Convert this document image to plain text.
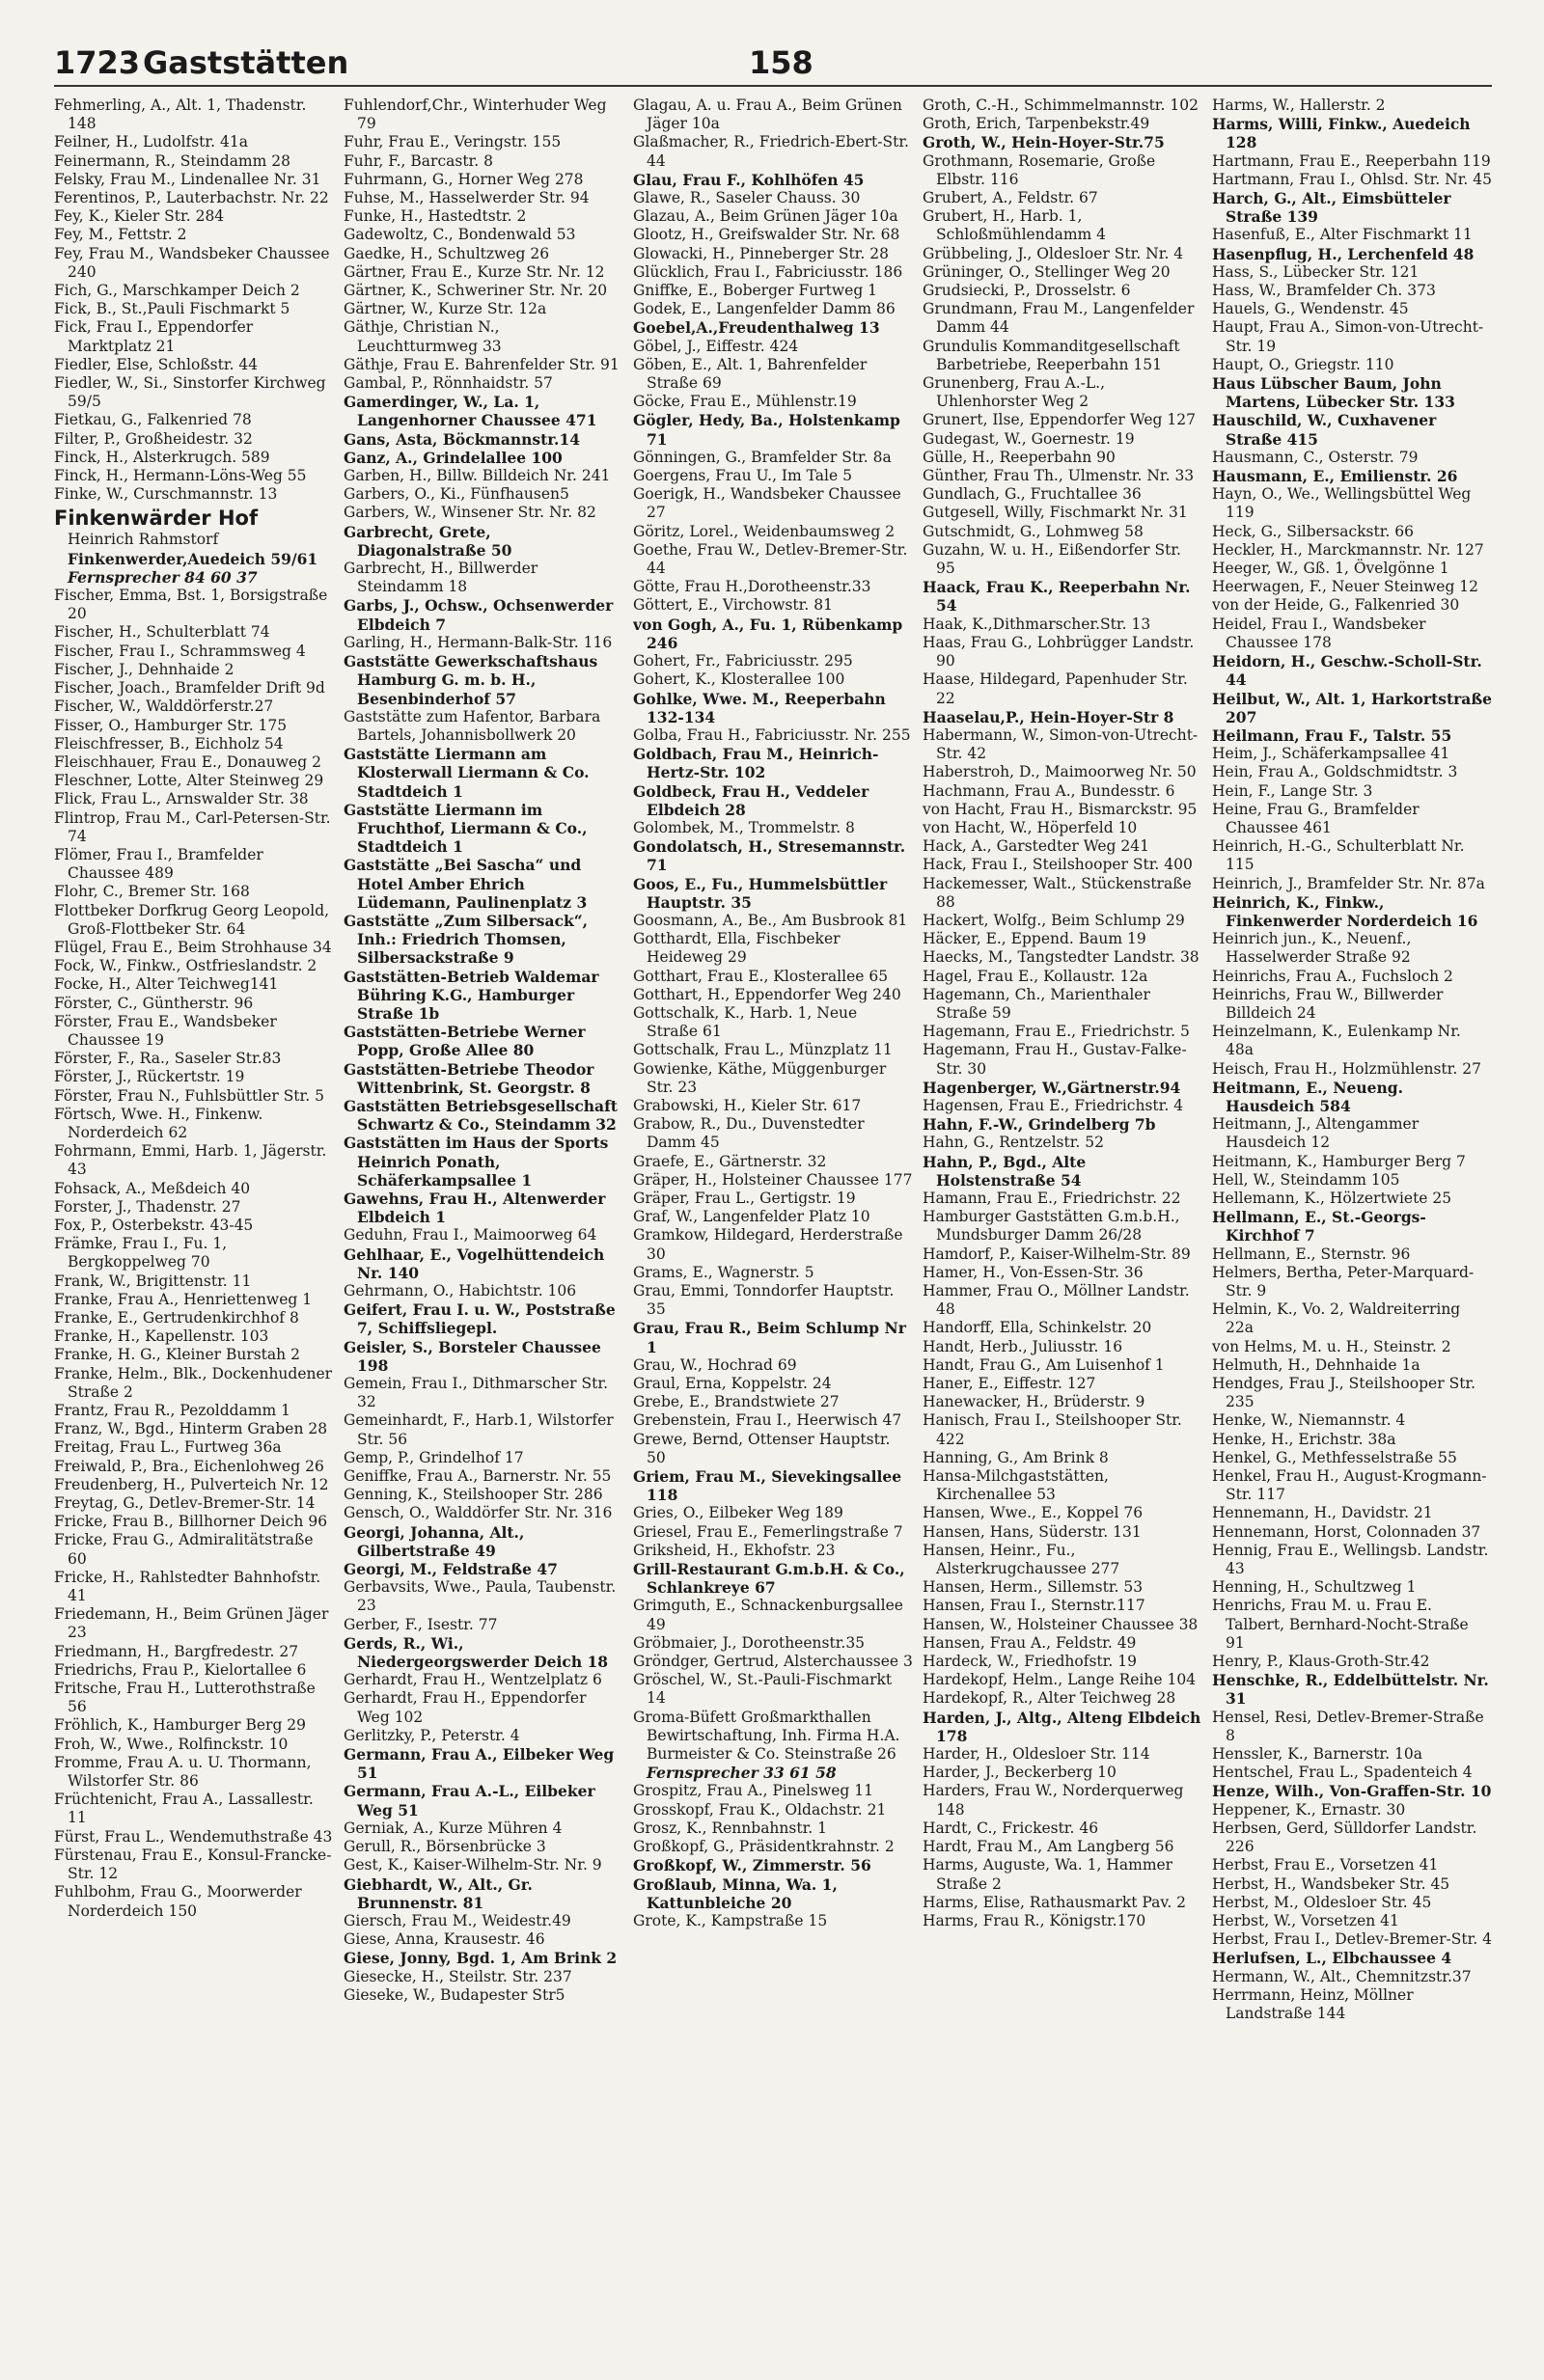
1723 Gaststätten	158

Fehmerling, A., Alt. 1, Thadenstr. 148

Feilner, H., Ludolfstr. 41a

Feinermann, R., Steindamm 28

Felsky, Frau M., Lindenallee Nr. 31

Ferentinos, P., Lauterbachstr. Nr. 22

Fey, K., Kieler Str. 284

Fey, M., Fettstr. 2

Fey, Frau M., Wandsbeker Chaussee 240

Fich, G., Marschkamper Deich 2

Fick, B., St.,Pauli Fischmarkt 5

Fick, Frau I., Eppendorfer Marktplatz 21

Fiedler, Else, Schloßstr. 44

Fiedler, W., Si., Sinstorfer Kirchweg 59/5

Fietkau, G., Falkenried 78

Filter, P., Großheidestr. 32

Finck, H., Alsterkrugch. 589

Finck, H., Hermann-Löns-Weg 55

Finke, W., Curschmannstr. 13

Finkenwärder Hof

Heinrich Rahmstorf

Finkenwerder,Auedeich 59/61

Fernsprecher 84 60 37

Fischer, Emma, Bst. 1, Borsigstraße 20

Fischer, H., Schulterblatt 74

Fischer, Frau I., Schrammsweg 4

Fischer, J., Dehnhaide 2

Fischer, Joach., Bramfelder Drift 9d

Fischer, W., Walddörferstr.27

Fisser, O., Hamburger Str. 175

Fleischfresser, B., Eichholz 54

Fleischhauer, Frau E., Donauweg 2

Fleschner, Lotte, Alter Steinweg 29

Flick, Frau L., Arnswalder Str. 38

Flintrop, Frau M., Carl-Petersen-Str. 74

Flömer, Frau I., Bramfelder Chaussee 489

Flohr, C., Bremer Str. 168

Flottbeker Dorfkrug Georg Leopold, Groß-Flottbeker Str. 64

Flügel, Frau E., Beim Strohhause 34

Fock, W., Finkw., Ostfrieslandstr. 2

Focke, H., Alter Teichweg141

Förster, C., Güntherstr. 96

Förster, Frau E., Wandsbeker Chaussee 19

Förster, F., Ra., Saseler Str.83

Förster, J., Rückertstr. 19

Förster, Frau N., Fuhlsbüttler Str. 5

Förtsch, Wwe. H., Finkenw. Norderdeich 62

Fohrmann, Emmi, Harb. 1, Jägerstr. 43

Fohsack, A., Meßdeich 40

Forster, J., Thadenstr. 27

Fox, P., Osterbekstr. 43-45

Främke, Frau I., Fu. 1, Bergkoppelweg 70

Frank, W., Brigittenstr. 11

Franke, Frau A., Henriettenweg 1

Franke, E., Gertrudenkirchhof 8

Franke, H., Kapellenstr. 103

Franke, H. G., Kleiner Burstah 2

Franke, Helm., Blk., Dockenhudener Straße 2

Frantz, Frau R., Pezolddamm 1

Franz, W., Bgd., Hinterm Graben 28

Freitag, Frau L., Furtweg 36a

Freiwald, P., Bra., Eichenlohweg 26

Freudenberg, H., Pulverteich Nr. 12

Freytag, G., Detlev-Bremer-Str. 14

Fricke, Frau B., Billhorner Deich 96

Fricke, Frau G., Admiralitätstraße 60

Fricke, H., Rahlstedter Bahnhofstr. 41

Friedemann, H., Beim Grünen Jäger 23

Friedmann, H., Bargfredestr. 27

Friedrichs, Frau P., Kielortallee 6

Fritsche, Frau H., Lutterothstraße 56

Fröhlich, K., Hamburger Berg 29

Froh, W., Wwe., Rolfinckstr. 10

Fromme, Frau A. u. U. Thormann, Wilstorfer Str. 86

Früchtenicht, Frau A., Lassallestr. 11

Fürst, Frau L., Wendemuthstraße 43

Fürstenau, Frau E., Konsul-Francke-Str. 12

Fuhlbohm, Frau G., Moorwerder Norderdeich 150

Fuhlendorf,Chr., Winterhuder Weg 79

Fuhr, Frau E., Veringstr. 155

Fuhr, F., Barcastr. 8

Fuhrmann, G., Horner Weg 278

Fuhse, M., Hasselwerder Str. 94

Funke, H., Hastedtstr. 2

Gadewoltz, C., Bondenwald 53

Gaedke, H., Schultzweg 26

Gärtner, Frau E., Kurze Str. Nr. 12

Gärtner, K., Schweriner Str. Nr. 20

Gärtner, W., Kurze Str. 12a

Gäthje, Christian N., Leuchtturmweg 33

Gäthje, Frau E. Bahrenfelder Str. 91

Gambal, P., Rönnhaidstr. 57

Gamerdinger, W., La. 1, Langenhorner Chaussee 471

Gans, Asta, Böckmannstr.14

Ganz, A., Grindelallee 100

Garben, H., Billw. Billdeich Nr. 241

Garbers, O., Ki., Fünfhausen5

Garbers, W., Winsener Str. Nr. 82

Garbrecht, Grete, Diagonalstraße 50

Garbrecht, H., Billwerder Steindamm 18

Garbs, J., Ochsw., Ochsenwerder Elbdeich 7

Garling, H., Hermann-Balk-Str. 116

Gaststätte Gewerkschaftshaus Hamburg G. m. b. H., Besenbinderhof 57

Gaststätte zum Hafentor, Barbara Bartels, Johannisbollwerk 20

Gaststätte Liermann am Klosterwall Liermann & Co. Stadtdeich 1

Gaststätte Liermann im Fruchthof, Liermann & Co., Stadtdeich 1

Gaststätte „Bei Sascha“ und Hotel Amber Ehrich Lüdemann, Paulinenplatz 3

Gaststätte „Zum Silbersack“, Inh.: Friedrich Thomsen, Silbersackstraße 9

Gaststätten-Betrieb Waldemar Bühring K.G., Hamburger Straße 1b

Gaststätten-Betriebe Werner Popp, Große Allee 80

Gaststätten-Betriebe Theodor Wittenbrink, St. Georgstr. 8

Gaststätten Betriebsgesellschaft Schwartz & Co., Steindamm 32

Gaststätten im Haus der Sports Heinrich Ponath, Schäferkampsallee 1

Gawehns, Frau H., Altenwerder Elbdeich 1

Geduhn, Frau I., Maimoorweg 64

Gehlhaar, E., Vogelhüttendeich Nr. 140

Gehrmann, O., Habichtstr. 106

Geifert, Frau I. u. W., Poststraße 7, Schiffsliegepl.

Geisler, S., Borsteler Chaussee 198

Gemein, Frau I., Dithmarscher Str. 32

Gemeinhardt, F., Harb.1, Wilstorfer Str. 56

Gemp, P., Grindelhof 17

Geniffke, Frau A., Barnerstr. Nr. 55

Genning, K., Steilshooper Str. 286

Gensch, O., Walddörfer Str. Nr. 316

Georgi, Johanna, Alt., Gilbertstraße 49

Georgi, M., Feldstraße 47

Gerbavsits, Wwe., Paula, Taubenstr. 23

Gerber, F., Isestr. 77

Gerds, R., Wi., Niedergeorgswerder Deich 18

Gerhardt, Frau H., Wentzelplatz 6

Gerhardt, Frau H., Eppendorfer Weg 102

Gerlitzky, P., Peterstr. 4

Germann, Frau A., Eilbeker Weg 51

Germann, Frau A.-L., Eilbeker Weg 51

Gerniak, A., Kurze Mühren 4

Gerull, R., Börsenbrücke 3

Gest, K., Kaiser-Wilhelm-Str. Nr. 9

Giebhardt, W., Alt., Gr. Brunnenstr. 81

Giersch, Frau M., Weidestr.49

Giese, Anna, Krausestr. 46

Giese, Jonny, Bgd. 1, Am Brink 2

Giesecke, H., Steilstr. Str. 237

Gieseke, W., Budapester Str5

Glagau, A. u. Frau A., Beim Grünen Jäger 10a

Glaßmacher, R., Friedrich-Ebert-Str. 44

Glau, Frau F., Kohlhöfen 45

Glawe, R., Saseler Chauss. 30

Glazau, A., Beim Grünen Jäger 10a

Glootz, H., Greifswalder Str. Nr. 68

Glowacki, H., Pinneberger Str. 28

Glücklich, Frau I., Fabriciusstr. 186

Gniffke, E., Boberger Furtweg 1

Godek, E., Langenfelder Damm 86

Goebel,A.,Freudenthalweg 13

Göbel, J., Eiffestr. 424

Göben, E., Alt. 1, Bahrenfelder Straße 69

Göcke, Frau E., Mühlenstr.19

Gögler, Hedy, Ba., Holstenkamp 71

Gönningen, G., Bramfelder Str. 8a

Goergens, Frau U., Im Tale 5

Goerigk, H., Wandsbeker Chaussee 27

Göritz, Lorel., Weidenbaumsweg 2

Goethe, Frau W., Detlev-Bremer-Str. 44

Götte, Frau H.,Dorotheenstr.33

Göttert, E., Virchowstr. 81

von Gogh, A., Fu. 1, Rübenkamp 246

Gohert, Fr., Fabriciusstr. 295

Gohert, K., Klosterallee 100

Gohlke, Wwe. M., Reeperbahn 132-134

Golba, Frau H., Fabriciusstr. Nr. 255

Goldbach, Frau M., Heinrich-Hertz-Str. 102

Goldbeck, Frau H., Veddeler Elbdeich 28

Golombek, M., Trommelstr. 8

Gondolatsch, H., Stresemannstr. 71

Goos, E., Fu., Hummelsbüttler Hauptstr. 35

Goosmann, A., Be., Am Busbrook 81

Gotthardt, Ella, Fischbeker Heideweg 29

Gotthart, Frau E., Klosterallee 65

Gotthart, H., Eppendorfer Weg 240

Gottschalk, K., Harb. 1, Neue Straße 61

Gottschalk, Frau L., Münzplatz 11

Gowienke, Käthe, Müggenburger Str. 23

Grabowski, H., Kieler Str. 617

Grabow, R., Du., Duvenstedter Damm 45

Graefe, E., Gärtnerstr. 32

Gräper, H., Holsteiner Chaussee 177

Gräper, Frau L., Gertigstr. 19

Graf, W., Langenfelder Platz 10

Gramkow, Hildegard, Herderstraße 30

Grams, E., Wagnerstr. 5

Grau, Emmi, Tonndorfer Hauptstr. 35

Grau, Frau R., Beim Schlump Nr 1

Grau, W., Hochrad 69

Graul, Erna, Koppelstr. 24

Grebe, E., Brandstwiete 27

Grebenstein, Frau I., Heerwisch 47

Grewe, Bernd, Ottenser Hauptstr. 50

Griem, Frau M., Sievekingsallee 118

Gries, O., Eilbeker Weg 189

Griesel, Frau E., Femerlingstraße 7

Griksheid, H., Ekhofstr. 23

Grill-Restaurant G.m.b.H. & Co., Schlankreye 67

Grimguth, E., Schnackenburgsallee 49

Gröbmaier, J., Dorotheenstr.35

Gröndger, Gertrud, Alsterchaussee 3

Gröschel, W., St.-Pauli-Fischmarkt 14

Groma-Büfett Großmarkthallen Bewirtschaftung, Inh. Firma H.A. Burmeister & Co. Steinstraße 26

Fernsprecher 33 61 58

Grospitz, Frau A., Pinelsweg 11

Grosskopf, Frau K., Oldachstr. 21

Grosz, K., Rennbahnstr. 1

Großkopf, G., Präsidentkrahnstr. 2

Großkopf, W., Zimmerstr. 56

Großlaub, Minna, Wa. 1, Kattunbleiche 20

Grote, K., Kampstraße 15

Groth, C.-H., Schimmelmannstr. 102

Groth, Erich, Tarpenbekstr.49

Groth, W., Hein-Hoyer-Str.75

Grothmann, Rosemarie, Große Elbstr. 116

Grubert, A., Feldstr. 67

Grubert, H., Harb. 1, Schloßmühlendamm 4

Grübbeling, J., Oldesloer Str. Nr. 4

Grüninger, O., Stellinger Weg 20

Grudsiecki, P., Drosselstr. 6

Grundmann, Frau M., Langenfelder Damm 44

Grundulis Kommanditgesellschaft Barbetriebe, Reeperbahn 151

Grunenberg, Frau A.-L., Uhlenhorster Weg 2

Grunert, Ilse, Eppendorfer Weg 127

Gudegast, W., Goernestr. 19

Gülle, H., Reeperbahn 90

Günther, Frau Th., Ulmenstr. Nr. 33

Gundlach, G., Fruchtallee 36

Gutgesell, Willy, Fischmarkt Nr. 31

Gutschmidt, G., Lohmweg 58

Guzahn, W. u. H., Eißendorfer Str. 95

Haack, Frau K., Reeperbahn Nr. 54

Haak, K.,Dithmarscher.Str. 13

Haas, Frau G., Lohbrügger Landstr. 90

Haase, Hildegard, Papenhuder Str. 22

Haaselau,P., Hein-Hoyer-Str 8

Habermann, W., Simon-von-Utrecht-Str. 42

Haberstroh, D., Maimoorweg Nr. 50

Hachmann, Frau A., Bundesstr. 6

von Hacht, Frau H., Bismarckstr. 95

von Hacht, W., Höperfeld 10

Hack, A., Garstedter Weg 241

Hack, Frau I., Steilshooper Str. 400

Hackemesser, Walt., Stückenstraße 88

Hackert, Wolfg., Beim Schlump 29

Häcker, E., Eppend. Baum 19

Haecks, M., Tangstedter Landstr. 38

Hagel, Frau E., Kollaustr. 12a

Hagemann, Ch., Marienthaler Straße 59

Hagemann, Frau E., Friedrichstr. 5

Hagemann, Frau H., Gustav-Falke-Str. 30

Hagenberger, W.,Gärtnerstr.94

Hagensen, Frau E., Friedrichstr. 4

Hahn, F.-W., Grindelberg 7b

Hahn, G., Rentzelstr. 52

Hahn, P., Bgd., Alte Holstenstraße 54

Hamann, Frau E., Friedrichstr. 22

Hamburger Gaststätten G.m.b.H., Mundsburger Damm 26/28

Hamdorf, P., Kaiser-Wilhelm-Str. 89

Hamer, H., Von-Essen-Str. 36

Hammer, Frau O., Möllner Landstr. 48

Handorff, Ella, Schinkelstr. 20

Handt, Herb., Juliusstr. 16

Handt, Frau G., Am Luisenhof 1

Haner, E., Eiffestr. 127

Hanewacker, H., Brüderstr. 9

Hanisch, Frau I., Steilshooper Str. 422

Hanning, G., Am Brink 8

Hansa-Milchgaststätten, Kirchenallee 53

Hansen, Wwe., E., Koppel 76

Hansen, Hans, Süderstr. 131

Hansen, Heinr., Fu., Alsterkrugchaussee 277

Hansen, Herm., Sillemstr. 53

Hansen, Frau I., Sternstr.117

Hansen, W., Holsteiner Chaussee 38

Hansen, Frau A., Feldstr. 49

Hardeck, W., Friedhofstr. 19

Hardekopf, Helm., Lange Reihe 104

Hardekopf, R., Alter Teichweg 28

Harden, J., Altg., Alteng Elbdeich 178

Harder, H., Oldesloer Str. 114

Harder, J., Beckerberg 10

Harders, Frau W., Norderquerweg 148

Hardt, C., Frickestr. 46

Hardt, Frau M., Am Langberg 56

Harms, Auguste, Wa. 1, Hammer Straße 2

Harms, Elise, Rathausmarkt Pav. 2

Harms, Frau R., Königstr.170

Harms, W., Hallerstr. 2

Harms, Willi, Finkw., Auedeich 128

Hartmann, Frau E., Reeperbahn 119

Hartmann, Frau I., Ohlsd. Str. Nr. 45

Harch, G., Alt., Eimsbütteler Straße 139

Hasenfuß, E., Alter Fischmarkt 11

Hasenpflug, H., Lerchenfeld 48

Hass, S., Lübecker Str. 121

Hass, W., Bramfelder Ch. 373

Hauels, G., Wendenstr. 45

Haupt, Frau A., Simon-von-Utrecht-Str. 19

Haupt, O., Griegstr. 110

Haus Lübscher Baum, John Martens, Lübecker Str. 133

Hauschild, W., Cuxhavener Straße 415

Hausmann, C., Osterstr. 79

Hausmann, E., Emilienstr. 26

Hayn, O., We., Wellingsbüttel Weg 119

Heck, G., Silbersackstr. 66

Heckler, H., Marckmannstr. Nr. 127

Heeger, W., Gß. 1, Övelgönne 1

Heerwagen, F., Neuer Steinweg 12

von der Heide, G., Falkenried 30

Heidel, Frau I., Wandsbeker Chaussee 178

Heidorn, H., Geschw.-Scholl-Str. 44

Heilbut, W., Alt. 1, Harkortstraße 207

Heilmann, Frau F., Talstr. 55

Heim, J., Schäferkampsallee 41

Hein, Frau A., Goldschmidtstr. 3

Hein, F., Lange Str. 3

Heine, Frau G., Bramfelder Chaussee 461

Heinrich, H.-G., Schulterblatt Nr. 115

Heinrich, J., Bramfelder Str. Nr. 87a

Heinrich, K., Finkw., Finkenwerder Norderdeich 16

Heinrich jun., K., Neuenf., Hasselwerder Straße 92

Heinrichs, Frau A., Fuchsloch 2

Heinrichs, Frau W., Billwerder Billdeich 24

Heinzelmann, K., Eulenkamp Nr. 48a

Heisch, Frau H., Holzmühlenstr. 27

Heitmann, E., Neueng. Hausdeich 584

Heitmann, J., Altengammer Hausdeich 12

Heitmann, K., Hamburger Berg 7

Hell, W., Steindamm 105

Hellemann, K., Hölzertwiete 25

Hellmann, E., St.-Georgs-Kirchhof 7

Hellmann, E., Sternstr. 96

Helmers, Bertha, Peter-Marquard-Str. 9

Helmin, K., Vo. 2, Waldreiterring 22a

von Helms, M. u. H., Steinstr. 2

Helmuth, H., Dehnhaide 1a

Hendges, Frau J., Steilshooper Str. 235

Henke, W., Niemannstr. 4

Henke, H., Erichstr. 38a

Henkel, G., Methfesselstraße 55

Henkel, Frau H., August-Krogmann-Str. 117

Hennemann, H., Davidstr. 21

Hennemann, Horst, Colonnaden 37

Hennig, Frau E., Wellingsb. Landstr. 43

Henning, H., Schultzweg 1

Henrichs, Frau M. u. Frau E. Talbert, Bernhard-Nocht-Straße 91

Henry, P., Klaus-Groth-Str.42

Henschke, R., Eddelbüttelstr. Nr. 31

Hensel, Resi, Detlev-Bremer-Straße 8

Henssler, K., Barnerstr. 10a

Hentschel, Frau L., Spadenteich 4

Henze, Wilh., Von-Graffen-Str. 10

Heppener, K., Ernastr. 30

Herbsen, Gerd, Sülldorfer Landstr. 226

Herbst, Frau E., Vorsetzen 41

Herbst, H., Wandsbeker Str. 45

Herbst, M., Oldesloer Str. 45

Herbst, W., Vorsetzen 41

Herbst, Frau I., Detlev-Bremer-Str. 4

Herlufsen, L., Elbchaussee 4

Hermann, W., Alt., Chemnitzstr.37

Herrmann, Heinz, Möllner Landstraße 144
